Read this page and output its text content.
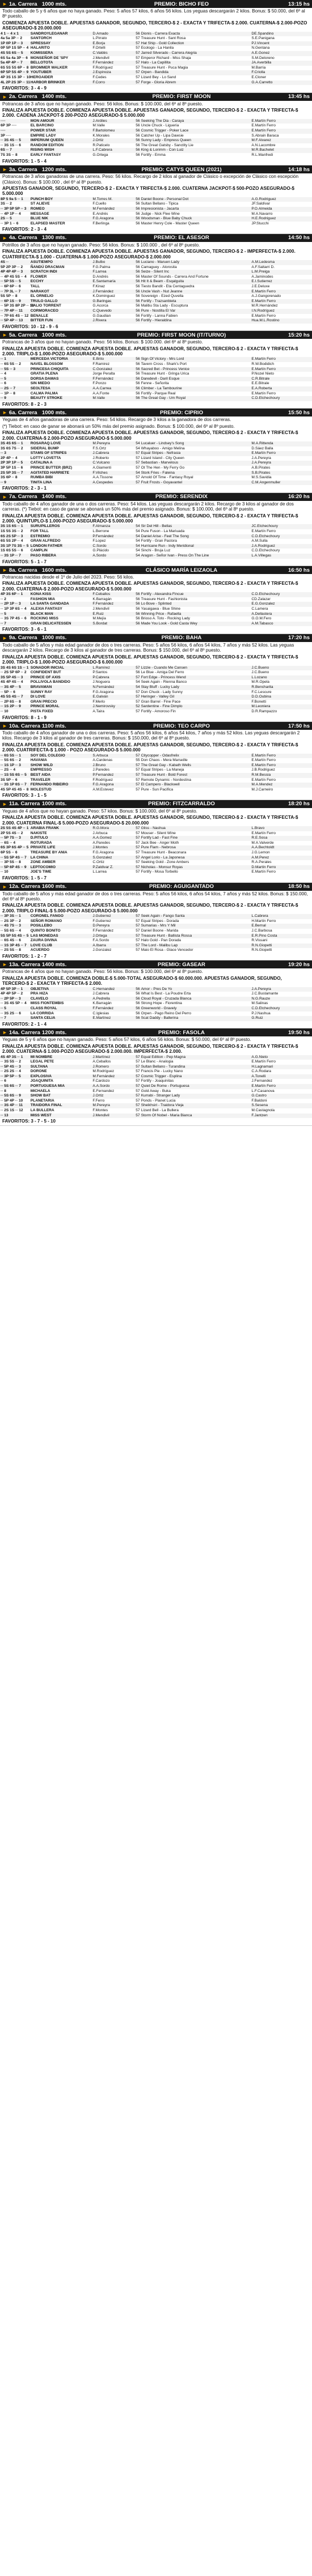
► 1a. Carrera 1000 mts.	PREMIO: BICHO FEO	13:15 hs

Todo caballo de 5 y 6 años que no haya ganado. Peso: 5 años 57 kilos, 6 años 56 kilos. Los yeguas descargarán 2 kilos. Bonus: $ 50.000, del 6º al 8º puesto.

COMIENZA APUESTA DOBLE. APUESTAS GANADOR, SEGUNDO, TERCERO-$ 2 - EXACTA Y TRIFECTA-$ 2.000. CUATERNA-$ 2.000-POZO ASEGURADO-$ 20.000.000

4 1 ·· 4 x 1	SANDROYLEGANAR	D.Amado	56	Dionis - Carrera Exacta	DE.Spandino
4a 5a 3P ·· 2	SANTORCH	L.Pirrato	57	Treasure Hunt - Sant Rosa	S.E.Panigana
1P 0P 1P ·· 3	SPRESSAY	E.Borja	57	Hat Ship - Gold Collection	PJ.Vincent
0P 5P 1S 5P ·· 4	HALARITO	F.Ortelli	57	Ecologo - La Hanila	N.Gentana
4S 5S 6S ·· 5	KOMISSERA	C.Valdés	57	Jarred Silverado - Carrera Alegria	A.E.Gonez
6S 5a 4a 3P ·· 6	MONSEÑOR DE 'SPY	J.Mendivil	57	Emperor Richard - Miss Shaja	S.M.Deloreno
5a 4P 4P ·· 7	BELLOTOTA	F.Fernández	57	Halo - La Capillita	JA.Averbilla
6S 5S 5S 6P ·· 8	BROMMER WALKER	F.Rodríguez	57	Treasure Hunt - Puca Magia	M.Barria
6P 5P 5S 4P ·· 9	YOUTUBER	J.Espinoza	57	Orpen - Bandida	F.Criolla
4P 3S 1S 3P ·· 10	HEROAIDER	F.Cedes	57	Lizard Bey - Lo Sand	E.Cloner
4L 2P 2S 3P ·· 11	HARBOR BRINKER	F.Corro	57	Forge - Gloria Abrem	G.A.Carretto
FAVORITOS: 3 - 4 - 9
► 2a. Carrera 1400 mts.	PREMIO: FIRST MOON	13:45 hs

Potrancas de 3 años que no hayan ganado. Peso: 56 kilos. Bonus: $ 100.000, del 6º al 8º puesto.

FINALIZA APUESTA DOBLE. COMIENZA APUESTA DOBLE. APUESTAS GANADOR, SEGUNDO, TERCERO-$ 2 - EXACTA Y TRIFECTA-$ 2.000. CADENA JACKPOT-$ 200-POZO ASEGURADO-$ 5.000.000

····	MON AMOUR	J.Ardiles	56	Seeking The Dia - Caraya	E.Martín Ferro
6P 3P ····	EL BARCINO	M.Valle	56	Uncle Chuck - Ligueria	E.Martín Ferro
····	POWER STAR	F.Bartolomeu	56	Cosmic Trigger - Poker Lace	E.Martín Ferro
3P ····	EMPIRE LADY	K.Morales	56	Catcher Up - Lipa Dawsie	S.Abrain Baraca
·· 3S 4S ·· 5	IMPERIUM QUEEN	J.Ortiz	56	Sunny Lady - Empress Queen	M.F.Alvarez
·· 3S 1S ·· 6	RANDOM EDITION	R.Paticelo	56	The Great Gatsby - Sanctity Lie	A.N.Lacombre
6S ·· 7	RISING WISH	L.F.Cabrera	56	King & Lorimm - Con Luiz	M.R.Bachelet
7S 3S ·· 8	EARLY FANTASY	G.Ortega	56	Fortify - Emma	R.L.Manfredi
FAVORITOS: 1 - 5 - 4
► 3a. Carrera 1200 mts.	PREMIO: CATYS QUEEN (2021)	14:18 hs

Potrancas de 3 años ganadoras de una carrera. Peso: 56 kilos. Recargo de 2 kilos al ganador de Clásico o excepción de Clásico con escepción (Clásico). Bonus: $ 100.000 , del 6º al 8º puesto.

APUESTAS GANADOR, SEGUNDO, TERCERO-$ 2 - EXACTA Y TRIFECTA-$ 2.000. CUATERNA JACKPOT-$ 500-POZO ASEGURADO-$ 5.000.000

8P 5 9a 5 ·· 1	PUNCH BOY	M.Torres M.	56	Daniel Boone - Personal Dot	A.G.Rodriguez
3S ·· 2	ST ALIEVE	F.Cuello	56	Sultan Bellano - Tipica	JF.Saldívar
·· 3P 5P 5P ·· 3	ROMEO	M.Fernández	56	Impresionista - Jacarta	P.O.Almeida
·· 4P 1P ·· 4	MESSAGE	E.Andrés	56	Judge - Nick Flee Wine	M.A.Navarro
2S ·· 5	BLUE NIK	F.G.Aragona	56	Woodsman - Blue Baby Chuck	H.E.Rodriguez
·· 3P 1 ·· 6	ELAPSED MASTER	F.Berlinga	56	Master Henry Cole - Master Queen	JP.Stucchi
FAVORITOS: 2 - 3 - 4
► 4a. Carrera 1300 mts.	PREMIO: EL ASESOR	14:50 hs

Potrillos de 3 años que no hayan ganado. Peso: 56 kilos. Bonus: $ 100.000 , del 6º al 8º puesto.

FINALIZA APUESTA DOBLE. COMIENZA APUESTA DOBLE. APUESTAS GANADOR, SEGUNDO, TERCERO-$ 2 - IMPERFECTA-$ 2.000. CUATRIFECTA-$ 1.000 - CUATERNA-$ 1.000-POZO ASEGURADO-$ 2.000.000

4S ··	ASUTIEMPO	J.Bulbo	56	Luciano - Maruen Lady	A.M.Ledesma
5P 2P 3P ·· 2	ÑANDÚ DRACMAN	F.G.Palma	56	Camaguey - Alorosita	A.F.Saltarri D.
4P 4P 4P ·· 3	SCRATCH INDI	F.Larrea	56	Seize - Silent Inc	L.M.Preiga
·· 4P 4S 5S ·· 4	FLOWER	D.Andrés	56	Master Of Sounds - Carrera And Fortune	A.Jaminodes
·· 5P 5S ·· 5	ECCHY	E.Santamaría	56	Hit It & Beam - Esqalguita	E.I.Sutierrez
·· 6P 6P ·· 6	TALL	F.Kinaz	56	Tiesto Bandit - Eta Centaguedra	J.E.Deluxe
·· 7P 3L ·· 7	NARAKOT	J.Fernández	56	Uncle Vash - Nut Jeanne	E.Martín Ferro
5S 5P ·· 8	EL ORNELIO	K.Dominguez	56	Sovereign - Ezed Quvella	A.J.Gangorenado
·· 6P 1S ·· 9	TRULO GALLO	G.Baringas	56	Fortify - Trazsanbieta	E.Martín Ferro
·· 5P 3S 8P 2P ·· 10	BALIO TORRENT	G.Acorca	56	Malibu Sta Lady - Escuptura	M.R.Hernández
·· 7P 4P ·· 11	CORMORACEO	C.Quevedo	56	Pure - Nostilla El Var	I.N.Rodríguez
·· 7P 6S 4S ·· 12	BENALLE	G.Gaudian	56	Fortify - Lanna Fabien	E.Martín Ferro
·· 5P 4P ·· 13	BITTER FUN	J.Rivera	56	Fortify - Hieraldina	Hua.M.L.Rostino
FAVORITOS: 10 - 12 - 9 - 6
► 5a. Carrera 1000 mts.	PREMIO: FIRST MOON (IT/TURNO)	15:20 hs

Potrancas de 3 años que no hayan ganado. Peso: 56 kilos. Bonus: $ 100.000. del 6º al 8º puesto.

FINALIZA APUESTA DOBLE. COMIENZA APUESTA DOBLE. APUESTAS GANADOR, SEGUNDO, TERCERO-$ 2 - EXACTA Y TRIFECTA-$ 2.000. TRIPLO-$ 1.000-POZO ASEGURADO-$ 5.000.000

·· 1	MERCEDA VICTORIA	E.Brito	56	Sign Of Victory - Mrs Lord	E.Martín Ferro
·· 6S 5S ·· 2	NAVEL BLOSSOM	F.Ramirez	56	Tavern Cross - Shark's Port	R.W.Bodidich
·· 5S ·· 3	PRINCESA CHIQUITA	C.Gonzalez	56	Sacred Bet - Princess Venice	E.Martín Ferro
·· 4	GRATIA PLENA	Jorge Peralta	56	Treasure Hunt - Gringa Urica	P.Nozel Nieto
·· 5	DORSA DAMAS	F.Fernández	56	Daredevil - Daril Esque	C.R.Bitrale
·· 6	SIN MIEDO	F.Ponzo	56	Fenne - Señorita	E.E.Bitrale
·· 2S ·· 7	SEOLTESA	A.A.Carrea	56	Climber - La Tambourine	E.A.Roberta
·· 1P ·· 8	CALMA PALMA	A.A.Fonte	56	Fortify - Parque Real	E.Martín Ferro
·· 9	BEAUTY STROKE	M.Valle	56	The Great Gay - Um Royal	C.D.Etchechoury
FAVORITOS: 8 - 2 - 3
► 6a. Carrera 1000 mts.	PREMIO: CIPRIO	15:50 hs

Yeguas de 4 años ganadoras de una carrera. Peso: 54 kilos. Recargo de 3 kilos a la ganadora de dos carreras.

(*) Tiebot: en caso de ganar se abonará un 50% más del premio asignado. Bonus: $ 100.000, del 6º al 8º puesto.

FINALIZA APUESTA DOBLE. COMIENZA APUESTA DOBLE. APUESTAS GANADOR, SEGUNDO, TERCERO-$ 2 - EXACTA Y TRIFECTA-$ 2.000. CUATERNA-$ 2.000-POZO ASEGURADO-$ 5.000.000

3S 4S 6S ·· 1	ROSARAQ LOVE	M.Pereyra	54	Lucaluer - Lindsey's Song	M.A.Rittenda
3S 6S 7S ·· 2	SIDERAL BUMP	F.S.Ortz	54	Whayaboo - Amigo Melina	D.Sáez Balla
·· 3	STAMS OF STRIPES	J.Cabrera	57	Equal Stripes - Nefrasia	E.Martín Ferro
2P 4P ·· 4	LOTTY LOVETTA	J.Roberto	57	Lizard Island - City Queen	J.A.Pereyra
2P 3P 1P ·· 5	CATALINA A	C.Vulcano	57	Sebastian - Marvelous	J.A.Pereyra
3P 5P 1S ·· 6	PRINCE BUTTER (BRZ)	A.Giamenti	57	Ot The Hen - My Ferry Go	A.B.Pirates
2S 5P 3S ·· 7	AGITATED HARRIETE	F.Vilches	54	Stork Fries - Faleina	S.B.Pirates
3S 6P ·· 8	RUMBA BIBI	A.A.Tissone	57	Arnold Of Time - Fantasy Royal	M.S.Savidia
·· 9	TINITA LINA	A.Cespedes	57	Fruit Frosts - Goyavantel	C.M.Angenmuller
FAVORITOS: 2 - 3 - 1
► 7a. Carrera 1400 mts.	PREMIO: SERENDIX	16:20 hs

Todo caballo de 4 años ganador de una o dos carreras. Peso: 54 kilos. Las yeguas descargarán 2 kilos. Recargo de 3 kilos al ganador de dos carreras. (*) Tiebot: en caso de ganar se abonará un 50% más del premio asignado. Bonus: $ 100.000, del 6º al 8º puesto.

FINALIZA APUESTA DOBLE. COMIENZA APUESTA DOBLE. APUESTAS GANADOR, SEGUNDO, TERCERO-$ 2 - EXACTA Y TRIFECTA-$ 2.000. QUINTUPLO-$ 1.000-POZO ASEGURADO-$ 5.000.000

3S 1S 6S ·· 1	SURUPILLEROS	F.Almanza	54	Sir Del Hill - Bellas	JC.Etchechoury
1S 5S 3S ·· 2	FOR TALL	L.Berrone	54	Pure Fuson - La Mariuada	E.Martín Ferro
6S 2S 5P ·· 3	ESTREMIO	P.Fernández	54	Daniel Arise - Feel The Song	C.D.Etchechoury
6S 5S 2P ·· 4	GRAN ALFREDO	F.Lopez	54	Fortify - Gran Pastora	A.M.Sulla
3S 1P 7S 3S ·· 5	LONDON FATHER	C.Sordo	54	Hurricane Run - Indy Meridional	J.A.Rodriguez
1S 6S 5S ·· 6	CAMPLIN	G.Plácido	54	Sinchi - Bruja Luz	C.D.Etchechoury
·· 3S 1P ·· 7	PASO RIBERA	A.Sordo	54	Aragon - Señor Ivan - Press On The Line	L.A.Villegas
FAVORITOS: 5 - 1 - 7
► 8a. Carrera 1600 mts.	CLÁSICO MARÍA LEIZAOLA	16:50 hs

Potrancas nacidas desde el 1º de Julio del 2023. Peso: 56 kilos.

FINALIZA APUESTA DOBLE. COMIENZA APUESTA DOBLE. APUESTAS GANADOR, SEGUNDO, TERCERO-$ 2 - EXACTA Y TRIFECTA-$ 2.000. CUATERNA-$ 2.000-POZO ASEGURADO-$ 5.000.000

4P 3S 6P ·· 1	KONA KISS	F.Ceballos	56	Fortify - Alexandra Fincue	C.D.Etchechoury
·· 2	FASHION MIA	K.Barragán	56	Treasure Hunt - Fashionista	CD.Zalazar
·· 2P 1P ·· 3	LA SANTA GANDADA	F.Fernández	56	Lo Bove - Splinted	E.G.Gonzalez
·· 1P 3P 6S ·· 4	ALEXIA FANTASY	J.Mendivil	56	Yasaigawa - Blue Shine	C.Lamera
·· 5	BLACK MAN	E.Ruiz	56	Winning Price - Rafaella	A.Dellastera
·· 3S 7P 4S ·· 6	ROCKING MISS	M.Mejía	56	Brioso A. Toto - Rocking Lady	G.O.M.Fero
·· 7	GRAN DELICATESSEN	S.Bordat	56	Made You Look - Gold Casta Wey	A.M.Tabasco
FAVORITOS: 3 - 6 - 1
► 9a. Carrera 1000 mts.	PREMIO: BAHA	17:20 hs

Todo caballo de 5 años y más edad ganador de dos o tres carreras. Peso: 5 años 56 kilos, 6 años 54 kilos, 7 años y más 52 kilos. Las yeguas descargarán 2 kilos. Recargo de 3 kilos al ganador de tres carreras. Bonus: $ 150.000, del 6º al 8º puesto.

FINALIZA APUESTA DOBLE. COMIENZA APUESTA DOBLE. APUESTAS GANADOR, SEGUNDO, TERCERO-$ 2 - EXACTA Y TRIFECTA-$ 2.000. TRIPLO-$ 1.000-POZO ASEGURADO-$ 6.000.000

3S 4S 6S 1S ·· 1	SONADOR INICIAL	L.Ramírez	57	Lizzie - Cuando Me Cansen	J.C.Bueno
·· 2S 5P 6P ·· 2	CONFIDENT BUT	P.Santos	56	Le Blue - Amiga Del Ferro	J.C.Bueno
3S 5P 4S ·· 3	PRINCE OF AXIS	P.Cabrera	57	Fort Edge - Princess Wend	L.Lozano
4S 4P 4S ·· 4	POLLIVOLA BANDIDO	J.Noguera	54	Seek Again - Rienna Banco	M.R.Opela
·· 3S 4P ·· 5	BRAVAMAN	N.Fernández	54	Stay Bluff - Lucky Lady	R.Bencharita
·· 5P ·· 6	SUNNY RAY	F.G.Aragona	57	Don Chuck - Lady Sunny	F.C.Lescure
4S 5S 4S ·· 7	DI LOVE	E.Galván	57	Heringer - Valley Gil	D.D.Oubina
·· 2P 6S ·· 8	GRAN PRECIO	F.Merlo	57	Gran Barrel - Fine Pace	F.Bonetti
·· 1S 2P ·· 9	PRINCE MORAL	J.Nemirovsky	52	Sardentine - Fine Dimplo	M.Leoniera
·· 10	PISTA FIXED	A.Taira	57	Fortify - Amoroso Fin	D.R.Rampazzo
FAVORITOS: 8 - 1 - 9
► 10a. Carrera 1100 mts.	PREMIO: TEO CARPO	17:50 hs

Todo caballo de 4 años ganador de una o dos carreras. Peso: 5 años 56 kilos, 6 años 54 kilos, 7 años y más 52 kilos. Las yeguas descargarán 2 kilos. Recargo de 3 kilos al ganador de tres carreras. Bonus: $ 150.000, del 6º al 8º puesto.

FINALIZA APUESTA DOBLE. COMIENZA APUESTA DOBLE. APUESTAS GANADOR, SEGUNDO, TERCERO-$ 2 - EXACTA Y TRIFECTA-$ 2.000. CUATRIFECTA-$ 1.000 - POZO ASEGURADO-$ 5.000.000

·· 6S 5S ·· 1	SOY DEL COLEGIO	S.Arbuca	57	Citycopper - Odasfrelix	E.Martín Ferro
·· 5S 6S ·· 2	HAVANIA	A.Cardenas	55	Don Chaos - Mera Marseille	E.Martín Ferro
·· 1S 1P ·· 3	SHOW WILD	J.Bruno	57	The Great Gay - Kabath Wells	E.Martín Ferro
·· 2S ·· 4	EMPRESSO	J.Paredes	57	Equal Stripes - La Maneja	J.B.Rodriguez
·· 1S 5S 6S ·· 5	BEST AIDA	P.Fernandez	57	Treasure Hunt - Bold Forest	R.M.Bessia
3S 5P ·· 6	TRAVELER	F.Rodríguez	57	Remote Dynamic - Nordestina	E.Martín Ferro
·· 3S 1P 6S ·· 7	FERNANDO RIBEIRO	F.G.Aragona	57	El Campero - Blackwell	M.A.Mendez
4S 5P 4S 4S ·· 8	MOLESTUD	A.M.Estevez	57	Pure - Sun Pacifica	M.J.Carneiro
FAVORITOS: 3 - 1 - 5
► 11a. Carrera 1000 mts.	PREMIO: FITZCARRALDO	18:20 hs

Yeguas de 4 años que no hayan ganado. Peso: 57 kilos. Bonus: $ 100.000, del 6º al 8º puesto.

FINALIZA APUESTA DOBLE. COMIENZA APUESTA DOBLE. APUESTAS GANADOR, SEGUNDO, TERCERO-$ 2 - EXACTA Y TRIFECTA-$ 2.000. CUATERNA FINAL-$ 5.000-POZO ASEGURADO-$ 20.000.000

2S 5S 4S 4P ·· 1	ARABIA FRANK	R.G.Mora	57	Gliss - Nashua	L.Bravo
2P 5S 4S ·· 2	NAKISTE	J.Arbuca	57	Mouser - Silent Wine	E.Martín Ferro
·· 5P 7S ·· 3	D.PITULO	A.A.Gomez	57	Fortify Lad - Fast Fine	R.E.Sosa
·· 6S ·· 4	ROTURADA	A.Paredes	57	Jack Bee - Anger Moth	M.A.Valverde
6S 3P 6S 4P ·· 5	PRIVATE LIFE	J.Montes	57	Pure Flam - Nebrosa	A.A.Bechtoldt
6P 5S ·· 6	TREASURE BY ANIA	F.G.Aragona	57	Treasure Hunt - Beaconara	J.G.Lemon
·· 5S 5P 4S ·· 7	LA CHINA	S.Gonzalez	57	Angel Lorio - La Japonesa	A.M.Perez
·· 3P 5S ·· 8	ZONE AMBER	C.Ortiz	57	Seeking Gold - Zone Ambers	R.A.Perales
·· 5P 6P 4S ·· 9	LEPTOCOMIO	P.Zaldivar Z.	57	Nicholas - Monsur Royas	D.Martín Ferro
·· 10	JOE'S TIME	L.Larrea	57	Fortify - Mosa Torbello	E.Martín Ferro
FAVORITOS: 1 - 5 - 7
► 12a. Carrera 1600 mts.	PREMIO: AGUIGANTADO	18:50 hs

Todo caballo de 5 años y más edad ganador de dos o tres carreras. Peso: 5 años 56 kilos, 6 años 54 kilos, 7 años y más 52 kilos. Bonus: $ 150.000, del 6º al 8º puesto.

FINALIZA APUESTA DOBLE. COMIENZA APUESTA DOBLE. APUESTAS GANADOR, SEGUNDO, TERCERO-$ 2 - EXACTA Y TRIFECTA-$ 2.000. TRIPLO FINAL-$ 5.000-POZO ASEGURADO-$ 5.000.000

·· 3P 3S ·· 1	CORONEL FANGO	J.Gutierrez	57	Seek Again - Fango Santa	L.Cabrera
·· 2S 3P ·· 2	SEÑOR ROMANO	F.Gutierrez	57	Equal Stripes - Dorada	H.Martín Ferro
·· 4S 7S ·· 3	POSILLEBO	D.Pereyra	57	Sumarias - Mrs Y Mil	E.Bernal
·· 5S 6S ·· 4	QUINTO BONITO	F.Fernández	57	Daniel Boone - Marida	J.C.Barbosa
5S 5P 5S 4S ·· 5	LAS MONEDAS	J.Ortega	57	Treasure Hunt - Ballista Rossa	E.R.Pino Costa
·· 6S 4S ·· 6	ZAURA DIVINA	F.A.Sordo	57	Halo Gold - Pan Dorada	R.Vissani
·· 1S 3P 4S ·· 7	LOVE CLUB	A.Ibarra	57	The Lord - Malibu Lap	R.N.Giopetti
·· 2S 5S ·· 8	ACUERDO	J.Gonzalez	57	Maio El Rosa - Glace Vencedor	R.N.Giopetti
FAVORITOS: 1 - 2 - 7
► 13a. Carrera 1400 mts.	PREMIO: GASEAR	19:20 hs

Potrancas de 4 años que no hayan ganado. Peso: 56 kilos. Bonus: $ 100.000, del 6º al 8º puesto.

FINALIZA APUESTA DOBLE. COMIENZA DOBLE-$ 5.000-TOTAL ASEGURADO-$ 60.000.000. APUESTAS GANADOR, SEGUNDO, TERCERO-$ 2 - EXACTA Y TRIFECTA-$ 2.000.

4P 5P 3P ·· 1	OBJETIVA	C.Hernandez	56	Amor - Pres De Yo	J.A.Pereyra
4P 4P 5P ·· 2	PRA HIZA	J.Cabrera	56	What Is Best - La Poudre Erta	J.C.Bustamante
·· 2P 5P ·· 3	CLAVELO	A.Pedrella	56	Cloud Royal - Cruzada Blanca	N.G.Rauze
·· 3S 4S 5P ·· 4	MISS FIONTEMBIS	K.Barragán	56	Strong Hope - Fiorentina	M.Salinas
·· 5	CLASS ROYAL	F.Fernández	56	Greenworld - Gravely	C.D.Etchechoury
·· 3S 2S ·· 6	LA CORRIDA	C.Iglesias	56	Orpen - Pago Reino Del Perro	P.J.Nashua
·· 7	SANTA CELIA	E.Martínez	56	Scat Daddy - Ballerina	G.Ruiz
FAVORITOS: 2 - 1 - 4
► 14a. Carrera 1200 mts.	PREMIO: FASOLA	19:50 hs

Yeguas de 5 y 6 años que no hayan ganado. Peso: 5 años 57 kilos, 6 años 56 kilos. Bonus: $ 50.000, del 6º al 8º puesto.

FINALIZA APUESTA DOBLE. COMIENZA APUESTA DOBLE. APUESTAS GANADOR, SEGUNDO, TERCERO-$ 2 - EXACTA Y TRIFECTA-$ 2.000. CUATERNA-$ 1.000-POZO ASEGURADO-$ 2.000.000. IMPERFECTA-$ 2.000.

4S 4P 3S ·· 1	MI NOMBRE	J.Martínez	57	Equal Edition - Pep Magna	A.G.Nieto
·· 3S 5S ·· 2	LEGAL PETE	A.Ceballos	57	Le Blanc - Analogia	E.Martín Ferro
·· 5P 4S ·· 3	SULTANA	J.Romero	57	Sultan Bellano - Turandina	H.Lagnamari
·· 2S 2S ·· 4	DORONE	M.Rodríguez	57	Francis Pie - Lucky Nano	C.A.Rodara
·· 3P 5P ·· 5	EXPLOSIVA	M.Fernández	57	Cosmic Trigger - Esplina	A.Tonelli
·· 6	JOAQUINITA	F.Cardozo	57	Fortify - Joaquinitas	J.Fernandez
·· 5S 6S ·· 7	PORTUGUESA MIA	A.A.Sordo	57	Quiet De Rome - Portuguesa	E.Martín Ferro
·· 8	MICHAELA	E.Fernandez	57	Gold Away - Buka	L.F.Casanova
·· 5S 6S ·· 9	SHOW BAT	J.Ortiz	57	Kurrabi - Stranger Lady	G.Castro
·· 5P 4P ·· 10	PLANETARIA	F.Ferro	57	Ponds - Planet Lucia	F.Baldoni
·· 3S 4P ·· 11	TRAIDORA FINAL	M.Pereyra	57	Sheikhsiri - Traidora Vieja	S.Sesena
·· 2S 1S ·· 12	LA BULLERA	F.Montes	57	Lizard Bell - La Bullera	M.Castagnola
·· 13	MISS WEST	J.Mendivil	57	Storm Of Nobel - Maria Bianca	F.Jantzen
FAVORITOS: 3 - 7 - 5 - 10
